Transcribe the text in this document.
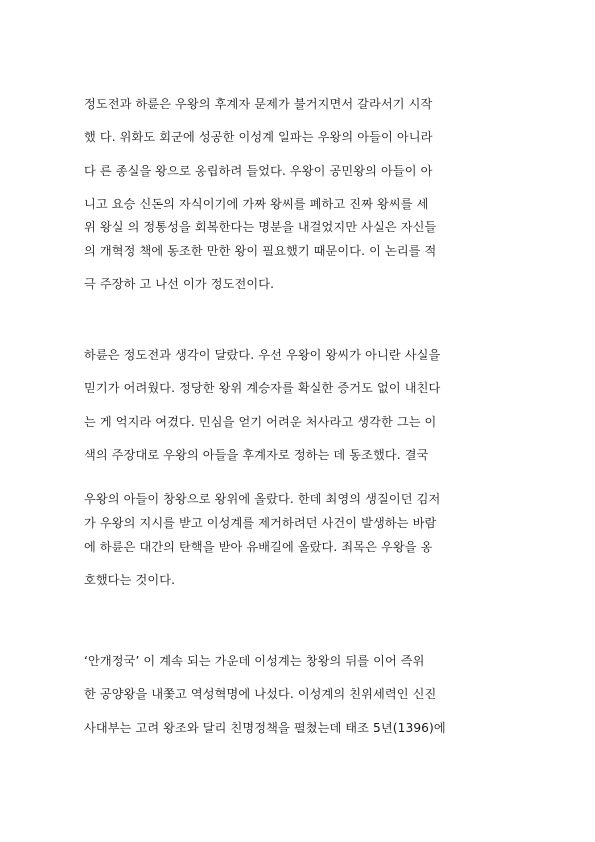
정도전과 하륜은 우왕의 후계자 문제가 불거지면서 갈라서기 시작
했 다. 위화도 회군에 성공한 이성계 일파는 우왕의 아들이 아니라
다 른 종실을 왕으로 옹립하려 들었다. 우왕이 공민왕의 아들이 아
니고 요승 신돈의 자식이기에 가짜 왕씨를 폐하고 진짜 왕씨를 세
위 왕실 의 정통성을 회복한다는 명분을 내걸었지만 사실은 자신들
의 개혁정 책에 동조한 만한 왕이 필요했기 때문이다. 이 논리를 적
극 주장하 고 나선 이가 정도전이다.
하륜은 정도전과 생각이 달랐다. 우선 우왕이 왕씨가 아니란 사실을
믿기가 어려웠다. 정당한 왕위 계승자를 확실한 증거도 없이 내친다
는 게 억지라 여겼다. 민심을 얻기 어려운 처사라고 생각한 그는 이
색의 주장대로 우왕의 아들을 후계자로 정하는 데 동조했다. 결국
우왕의 아들이 창왕으로 왕위에 올랐다. 한데 최영의 생질이던 김저
가 우왕의 지시를 받고 이성계를 제거하려던 사건이 발생하는 바람
에 하륜은 대간의 탄핵을 받아 유배길에 올랐다. 죄목은 우왕을 옹
호했다는 것이다.
‘안개정국’ 이 계속 되는 가운데 이성계는 창왕의 뒤를 이어 즉위
한 공양왕을 내쫓고 역성혁명에 나섰다. 이성계의 친위세력인 신진
사대부는 고려 왕조와 달리 친명정책을 펼쳤는데 태조 5년(1396)에
